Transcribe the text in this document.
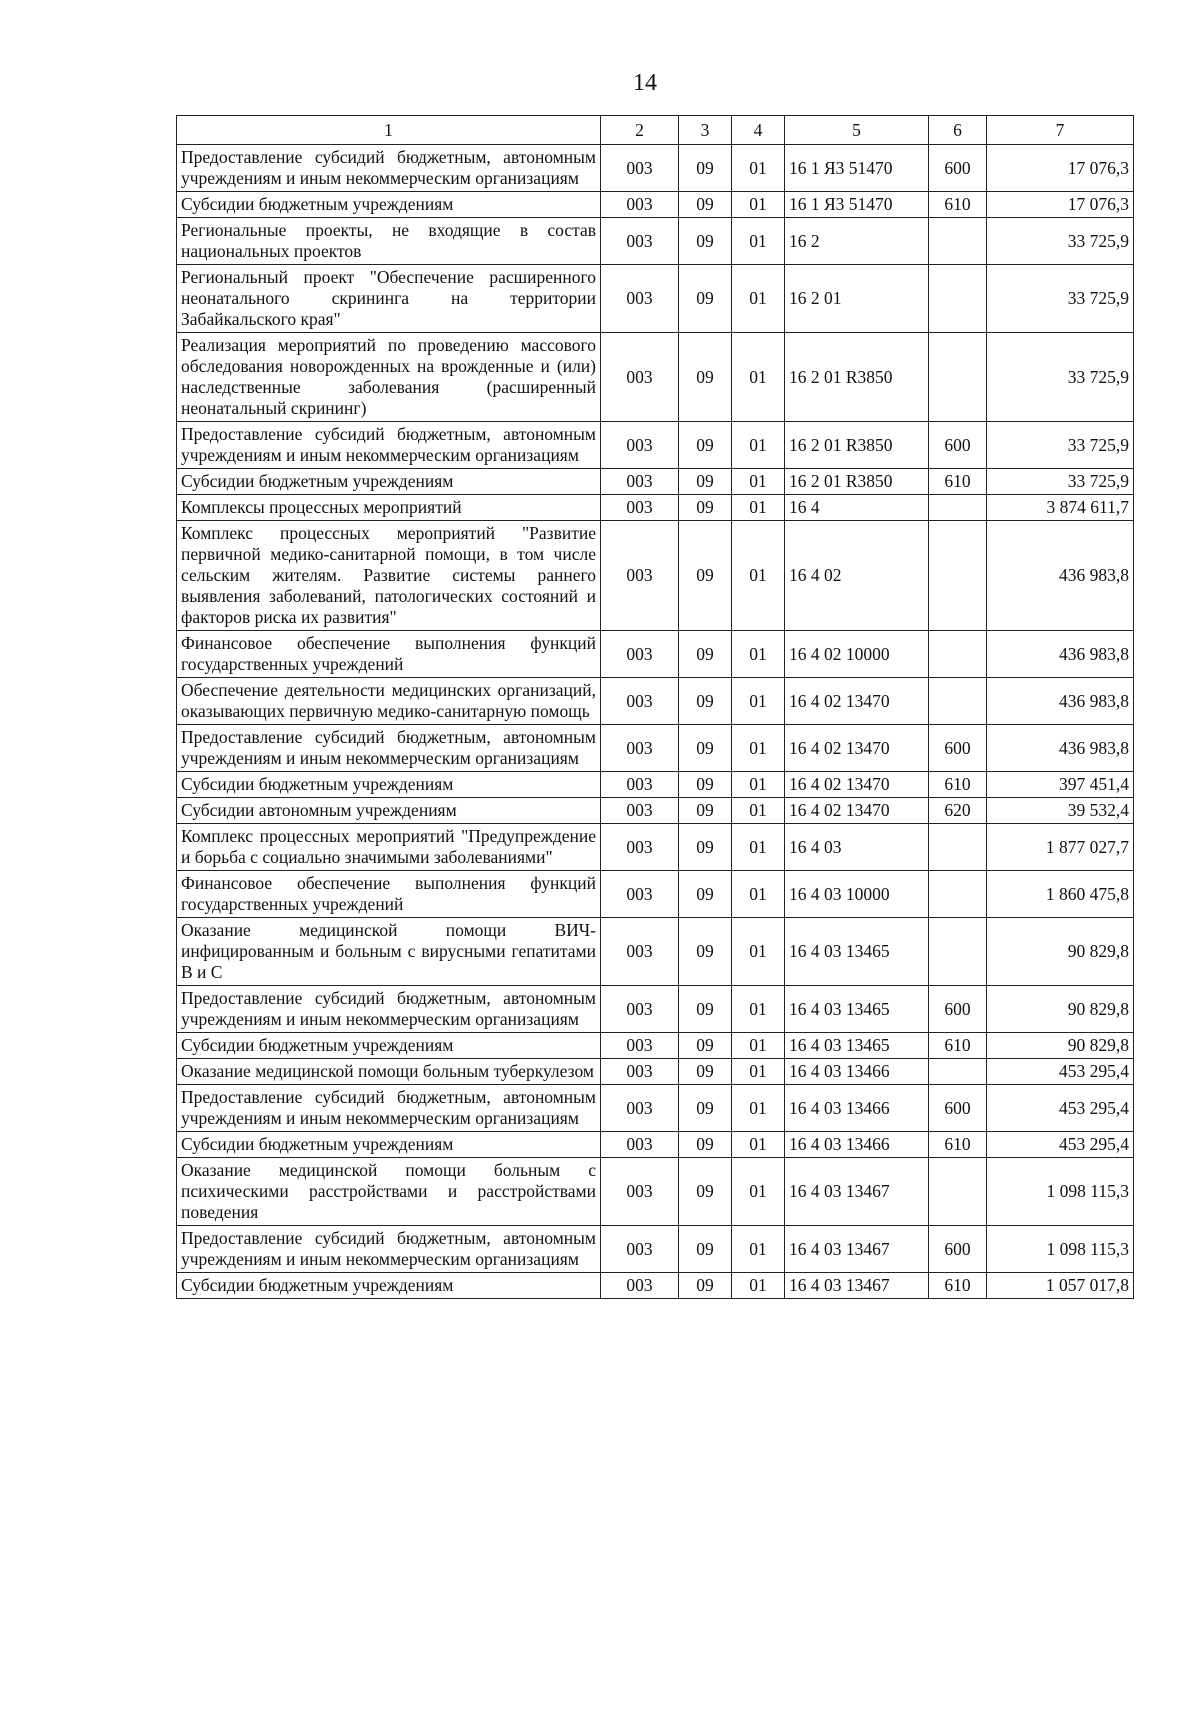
14
1	2	3	4	5	6	7
Предоставление субсидий бюджетным, автономным учреждениям и иным некоммерческим организациям	003	09	01	16 1 Я3 51470	600	17 076,3
Субсидии бюджетным учреждениям	003	09	01	16 1 Я3 51470	610	17 076,3
Региональные проекты, не входящие в состав национальных проектов	003	09	01	16 2		33 725,9
Региональный проект "Обеспечение расширенного неонатального скрининга на территории Забайкальского края"	003	09	01	16 2 01		33 725,9
Реализация мероприятий по проведению массового обследования новорожденных на врожденные и (или) наследственные заболевания (расширенный неонатальный скрининг)	003	09	01	16 2 01 R3850		33 725,9
Предоставление субсидий бюджетным, автономным учреждениям и иным некоммерческим организациям	003	09	01	16 2 01 R3850	600	33 725,9
Субсидии бюджетным учреждениям	003	09	01	16 2 01 R3850	610	33 725,9
Комплексы процессных мероприятий	003	09	01	16 4		3 874 611,7
Комплекс процессных мероприятий "Развитие первичной медико-санитарной помощи, в том числе сельским жителям. Развитие системы раннего выявления заболеваний, патологических состояний и факторов риска их развития"	003	09	01	16 4 02		436 983,8
Финансовое обеспечение выполнения функций государственных учреждений	003	09	01	16 4 02 10000		436 983,8
Обеспечение деятельности медицинских организаций, оказывающих первичную медико-санитарную помощь	003	09	01	16 4 02 13470		436 983,8
Предоставление субсидий бюджетным, автономным учреждениям и иным некоммерческим организациям	003	09	01	16 4 02 13470	600	436 983,8
Субсидии бюджетным учреждениям	003	09	01	16 4 02 13470	610	397 451,4
Субсидии автономным учреждениям	003	09	01	16 4 02 13470	620	39 532,4
Комплекс процессных мероприятий "Предупреждение и борьба с социально значимыми заболеваниями"	003	09	01	16 4 03		1 877 027,7
Финансовое обеспечение выполнения функций государственных учреждений	003	09	01	16 4 03 10000		1 860 475,8
Оказание медицинской помощи ВИЧ-инфицированным и больным с вирусными гепатитами В и С	003	09	01	16 4 03 13465		90 829,8
Предоставление субсидий бюджетным, автономным учреждениям и иным некоммерческим организациям	003	09	01	16 4 03 13465	600	90 829,8
Субсидии бюджетным учреждениям	003	09	01	16 4 03 13465	610	90 829,8
Оказание медицинской помощи больным туберкулезом	003	09	01	16 4 03 13466		453 295,4
Предоставление субсидий бюджетным, автономным учреждениям и иным некоммерческим организациям	003	09	01	16 4 03 13466	600	453 295,4
Субсидии бюджетным учреждениям	003	09	01	16 4 03 13466	610	453 295,4
Оказание медицинской помощи больным с психическими расстройствами и расстройствами поведения	003	09	01	16 4 03 13467		1 098 115,3
Предоставление субсидий бюджетным, автономным учреждениям и иным некоммерческим организациям	003	09	01	16 4 03 13467	600	1 098 115,3
Субсидии бюджетным учреждениям	003	09	01	16 4 03 13467	610	1 057 017,8
